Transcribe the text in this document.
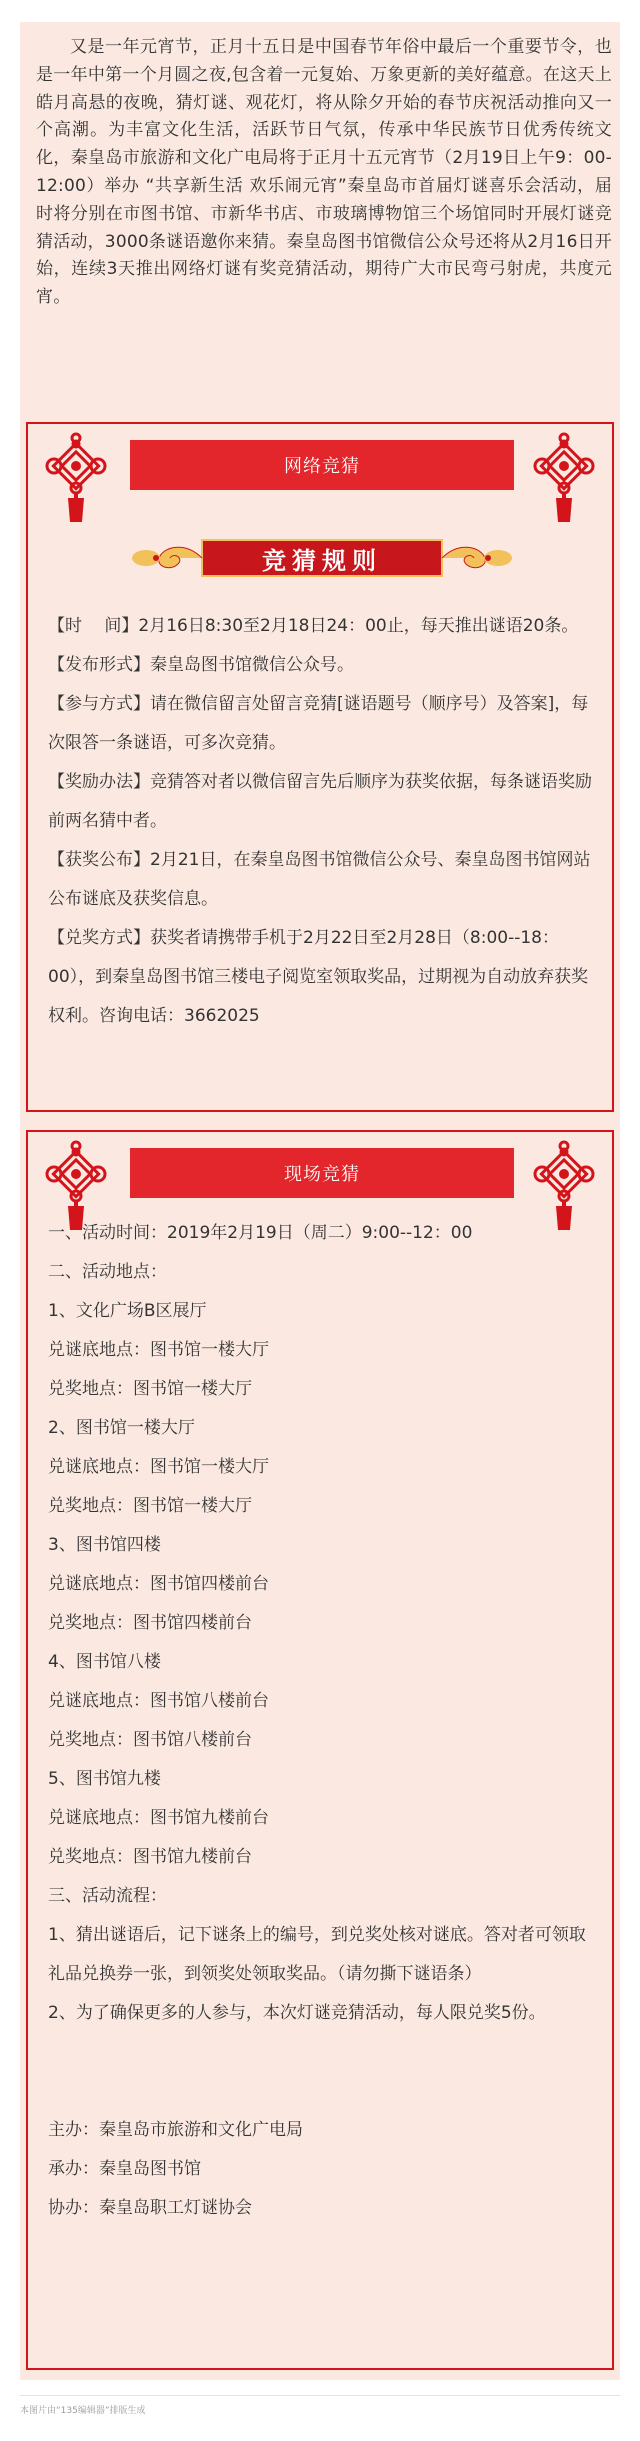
又是一年元宵节，正月十五日是中国春节年俗中最后一个重要节令，也是一年中第一个月圆之夜,包含着一元复始、万象更新的美好蕴意。在这天上皓月高悬的夜晚，猜灯谜、观花灯，将从除夕开始的春节庆祝活动推向又一个高潮。为丰富文化生活，活跃节日气氛，传承中华民族节日优秀传统文化，秦皇岛市旅游和文化广电局将于正月十五元宵节（2月19日上午9：00-12:00）举办 “共享新生活 欢乐闹元宵”秦皇岛市首届灯谜喜乐会活动，届时将分别在市图书馆、市新华书店、市玻璃博物馆三个场馆同时开展灯谜竞猜活动，3000条谜语邀你来猜。秦皇岛图书馆微信公众号还将从2月16日开始，连续3天推出网络灯谜有奖竞猜活动，期待广大市民弯弓射虎，共度元宵。

网络竞猜
竞猜规则

【时　 间】2月16日8:30至2月18日24：00止，每天推出谜语20条。

【发布形式】秦皇岛图书馆微信公众号。

【参与方式】请在微信留言处留言竞猜[谜语题号（顺序号）及答案]，每次限答一条谜语，可多次竞猜。

【奖励办法】竞猜答对者以微信留言先后顺序为获奖依据，每条谜语奖励前两名猜中者。

【获奖公布】2月21日，在秦皇岛图书馆微信公众号、秦皇岛图书馆网站公布谜底及获奖信息。

【兑奖方式】获奖者请携带手机于2月22日至2月28日（8:00--18：00），到秦皇岛图书馆三楼电子阅览室领取奖品，过期视为自动放弃获奖权利。咨询电话：3662025

现场竞猜

一、活动时间：2019年2月19日（周二）9:00--12：00

二、活动地点：

1、文化广场B区展厅

兑谜底地点：图书馆一楼大厅

兑奖地点：图书馆一楼大厅

2、图书馆一楼大厅

兑谜底地点：图书馆一楼大厅

兑奖地点：图书馆一楼大厅

3、图书馆四楼

兑谜底地点：图书馆四楼前台

兑奖地点：图书馆四楼前台

4、图书馆八楼

兑谜底地点：图书馆八楼前台

兑奖地点：图书馆八楼前台

5、图书馆九楼

兑谜底地点：图书馆九楼前台

兑奖地点：图书馆九楼前台

三、活动流程：

1、猜出谜语后，记下谜条上的编号，到兑奖处核对谜底。答对者可领取礼品兑换券一张，到领奖处领取奖品。（请勿撕下谜语条）

2、为了确保更多的人参与，本次灯谜竞猜活动，每人限兑奖5份。

主办：秦皇岛市旅游和文化广电局

承办：秦皇岛图书馆

协办：秦皇岛职工灯谜协会

本图片由“135编辑器”排版生成
